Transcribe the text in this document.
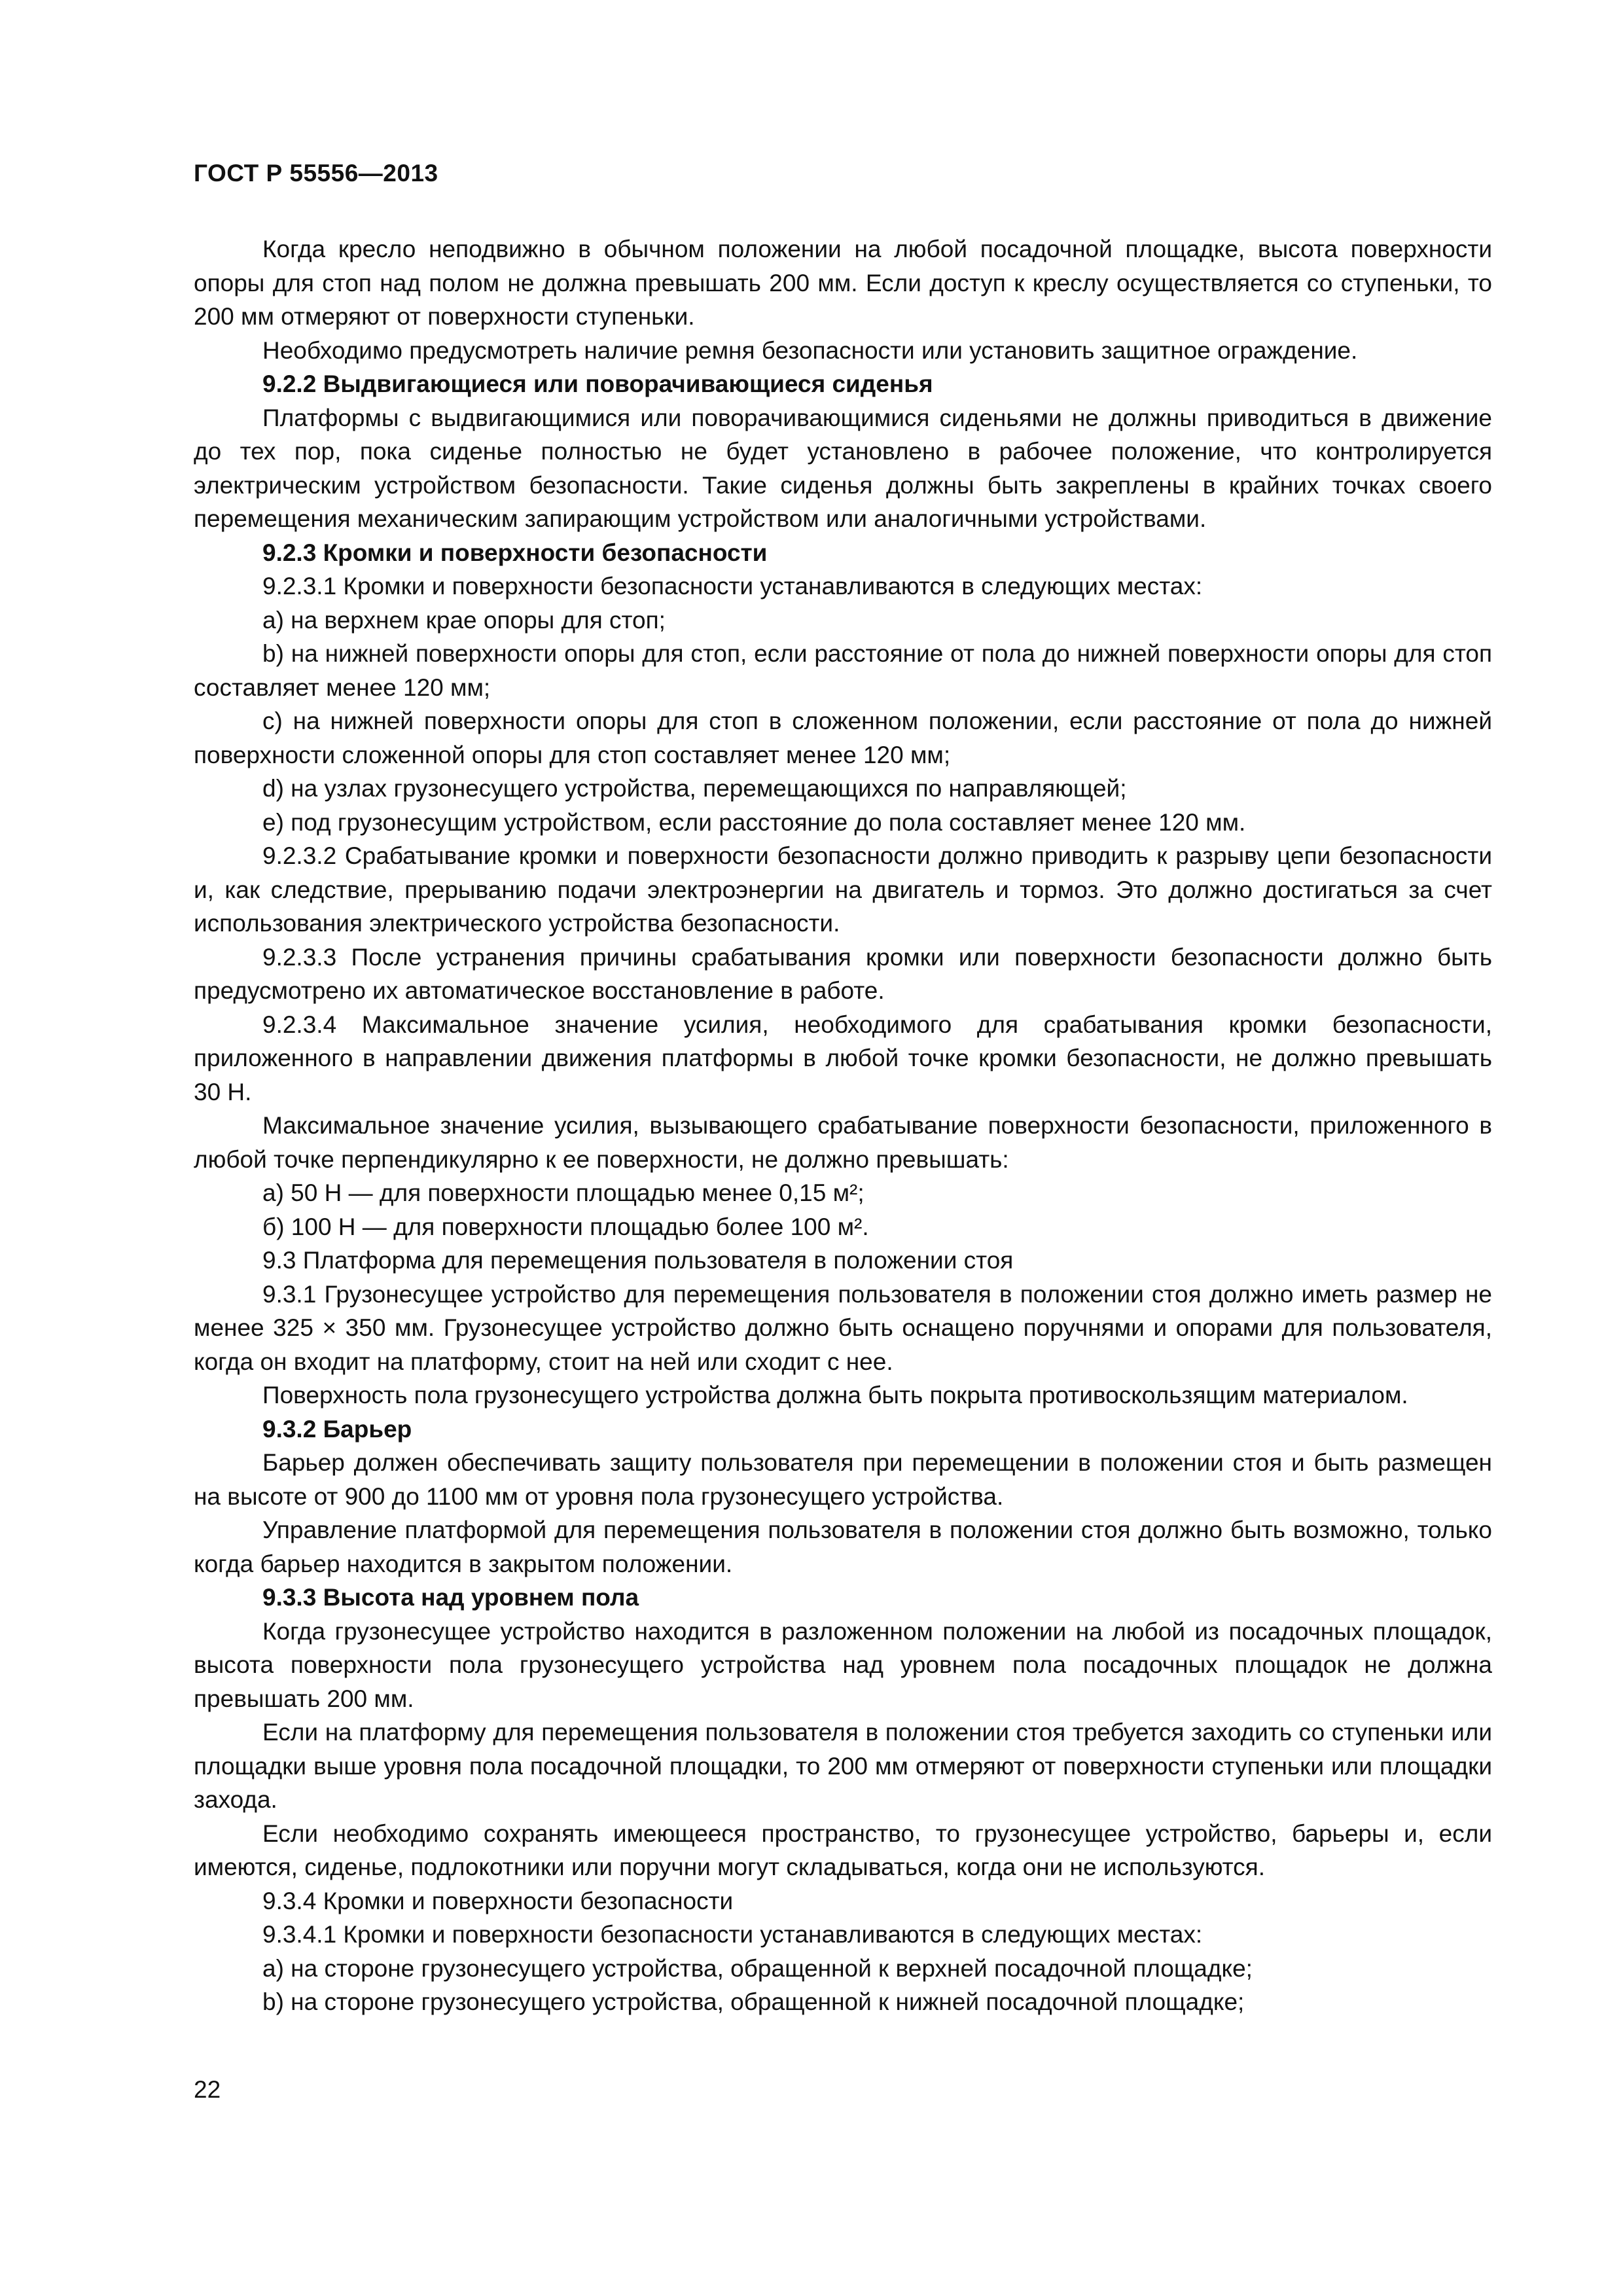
ГОСТ Р 55556—2013

Когда кресло неподвижно в обычном положении на любой посадочной площадке, высота поверхности опоры для стоп над полом не должна превышать 200 мм. Если доступ к креслу осуществляется со ступеньки, то 200 мм отмеряют от поверхности ступеньки.

Необходимо предусмотреть наличие ремня безопасности или установить защитное ограждение.

9.2.2 Выдвигающиеся или поворачивающиеся сиденья

Платформы с выдвигающимися или поворачивающимися сиденьями не должны приводиться в движение до тех пор, пока сиденье полностью не будет установлено в рабочее положение, что контролируется электрическим устройством безопасности. Такие сиденья должны быть закреплены в крайних точках своего перемещения механическим запирающим устройством или аналогичными устройствами.

9.2.3 Кромки и поверхности безопасности

9.2.3.1 Кромки и поверхности безопасности устанавливаются в следующих местах:

a) на верхнем крае опоры для стоп;

b) на нижней поверхности опоры для стоп, если расстояние от пола до нижней поверхности опоры для стоп составляет менее 120 мм;

c) на нижней поверхности опоры для стоп в сложенном положении, если расстояние от пола до нижней поверхности сложенной опоры для стоп составляет менее 120 мм;

d) на узлах грузонесущего устройства, перемещающихся по направляющей;

e) под грузонесущим устройством, если расстояние до пола составляет менее 120 мм.

9.2.3.2 Срабатывание кромки и поверхности безопасности должно приводить к разрыву цепи безопасности и, как следствие, прерыванию подачи электроэнергии на двигатель и тормоз. Это должно достигаться за счет использования электрического устройства безопасности.

9.2.3.3 После устранения причины срабатывания кромки или поверхности безопасности должно быть предусмотрено их автоматическое восстановление в работе.

9.2.3.4 Максимальное значение усилия, необходимого для срабатывания кромки безопасности, приложенного в направлении движения платформы в любой точке кромки безопасности, не должно превышать 30 Н.

Максимальное значение усилия, вызывающего срабатывание поверхности безопасности, приложенного в любой точке перпендикулярно к ее поверхности, не должно превышать:

а) 50 Н — для поверхности площадью менее 0,15 м²;

б) 100 Н — для поверхности площадью более 100 м².

9.3 Платформа для перемещения пользователя в положении стоя

9.3.1 Грузонесущее устройство для перемещения пользователя в положении стоя должно иметь размер не менее 325 × 350 мм. Грузонесущее устройство должно быть оснащено поручнями и опорами для пользователя, когда он входит на платформу, стоит на ней или сходит с нее.

Поверхность пола грузонесущего устройства должна быть покрыта противоскользящим материалом.

9.3.2 Барьер

Барьер должен обеспечивать защиту пользователя при перемещении в положении стоя и быть размещен на высоте от 900 до 1100 мм от уровня пола грузонесущего устройства.

Управление платформой для перемещения пользователя в положении стоя должно быть возможно, только когда барьер находится в закрытом положении.

9.3.3 Высота над уровнем пола

Когда грузонесущее устройство находится в разложенном положении на любой из посадочных площадок, высота поверхности пола грузонесущего устройства над уровнем пола посадочных площадок не должна превышать 200 мм.

Если на платформу для перемещения пользователя в положении стоя требуется заходить со ступеньки или площадки выше уровня пола посадочной площадки, то 200 мм отмеряют от поверхности ступеньки или площадки захода.

Если необходимо сохранять имеющееся пространство, то грузонесущее устройство, барьеры и, если имеются, сиденье, подлокотники или поручни могут складываться, когда они не используются.

9.3.4 Кромки и поверхности безопасности

9.3.4.1 Кромки и поверхности безопасности устанавливаются в следующих местах:

a) на стороне грузонесущего устройства, обращенной к верхней посадочной площадке;

b) на стороне грузонесущего устройства, обращенной к нижней посадочной площадке;

22
